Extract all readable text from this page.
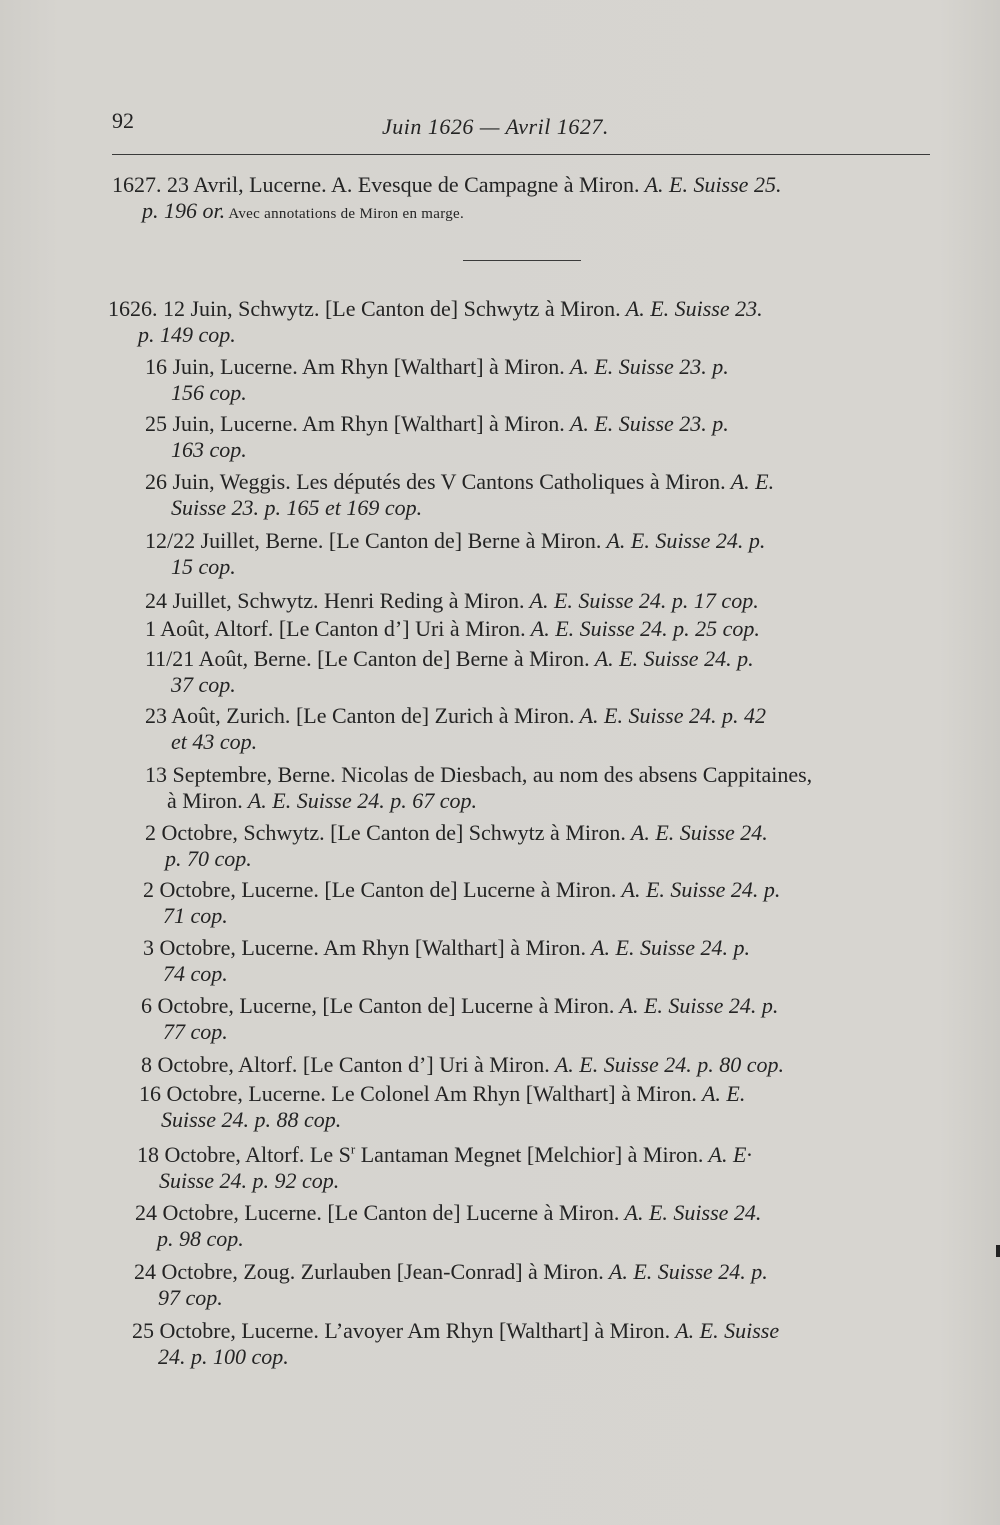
92	Juin 1626 — Avril 1627.
1627. 23 Avril, Lucerne. A. Evesque de Campagne à Miron. A. E. Suisse 25.
p. 196 or. Avec annotations de Miron en marge.
1626. 12 Juin, Schwytz. [Le Canton de] Schwytz à Miron. A. E. Suisse 23.
p. 149 cop.
16 Juin, Lucerne. Am Rhyn [Walthart] à Miron. A. E. Suisse 23. p.
156 cop.
25 Juin, Lucerne. Am Rhyn [Walthart] à Miron. A. E. Suisse 23. p.
163 cop.
26 Juin, Weggis. Les députés des V Cantons Catholiques à Miron. A. E.
Suisse 23. p. 165 et 169 cop.
12/22 Juillet, Berne. [Le Canton de] Berne à Miron. A. E. Suisse 24. p.
15 cop.
24 Juillet, Schwytz. Henri Reding à Miron. A. E. Suisse 24. p. 17 cop.
1 Août, Altorf. [Le Canton d’] Uri à Miron. A. E. Suisse 24. p. 25 cop.
11/21 Août, Berne. [Le Canton de] Berne à Miron. A. E. Suisse 24. p.
37 cop.
23 Août, Zurich. [Le Canton de] Zurich à Miron. A. E. Suisse 24. p. 42
et 43 cop.
13 Septembre, Berne. Nicolas de Diesbach, au nom des absens Cappitaines,
à Miron. A. E. Suisse 24. p. 67 cop.
2 Octobre, Schwytz. [Le Canton de] Schwytz à Miron. A. E. Suisse 24.
p. 70 cop.
2 Octobre, Lucerne. [Le Canton de] Lucerne à Miron. A. E. Suisse 24. p.
71 cop.
3 Octobre, Lucerne. Am Rhyn [Walthart] à Miron. A. E. Suisse 24. p.
74 cop.
6 Octobre, Lucerne, [Le Canton de] Lucerne à Miron. A. E. Suisse 24. p.
77 cop.
8 Octobre, Altorf. [Le Canton d’] Uri à Miron. A. E. Suisse 24. p. 80 cop.
16 Octobre, Lucerne. Le Colonel Am Rhyn [Walthart] à Miron. A. E.
Suisse 24. p. 88 cop.
18 Octobre, Altorf. Le $S^r$ Lantaman Megnet [Melchior] à Miron. A. E·
Suisse 24. p. 92 cop.
24 Octobre, Lucerne. [Le Canton de] Lucerne à Miron. A. E. Suisse 24.
p. 98 cop.
24 Octobre, Zoug. Zurlauben [Jean-Conrad] à Miron. A. E. Suisse 24. p.
97 cop.
25 Octobre, Lucerne. L’avoyer Am Rhyn [Walthart] à Miron. A. E. Suisse
24. p. 100 cop.
